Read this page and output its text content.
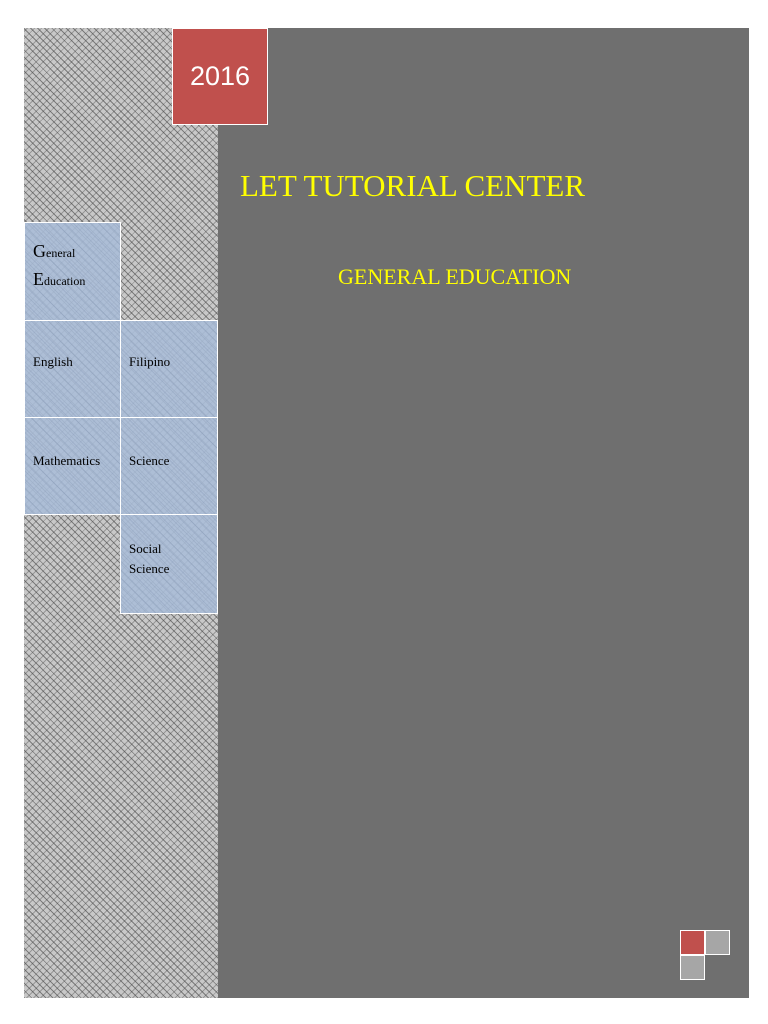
2016
LET TUTORIAL CENTER
GENERAL EDUCATION
General
Education
English	Filipino
Mathematics Science
Social
Science
